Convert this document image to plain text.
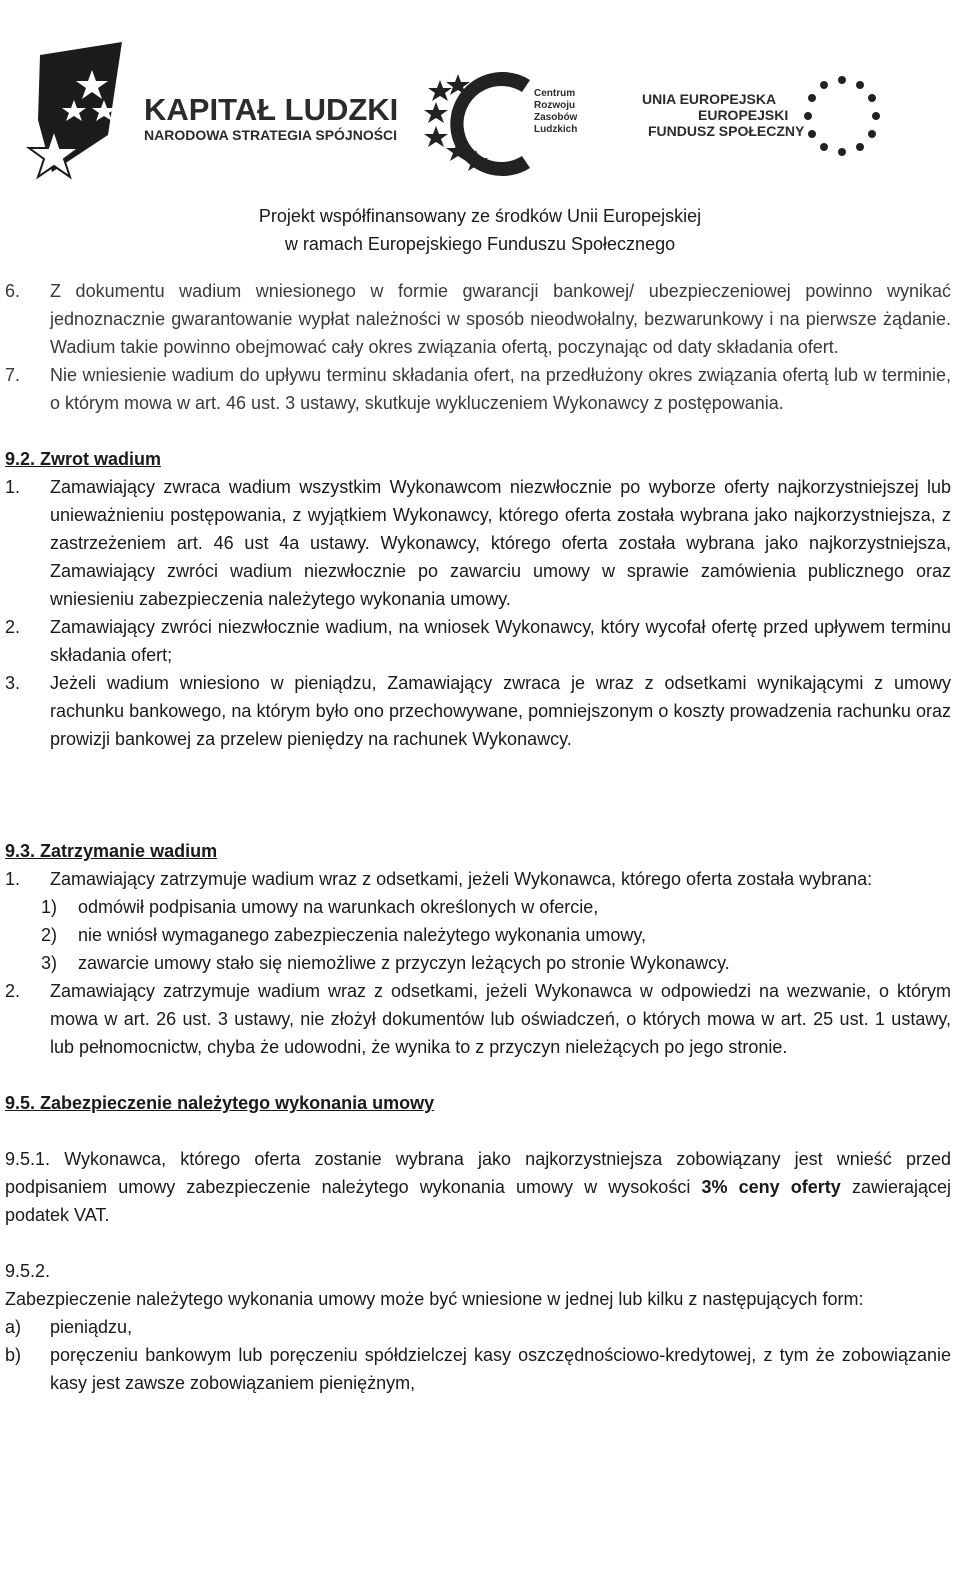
KAPITAŁ LUDZKI
NARODOWA STRATEGIA SPÓJNOŚCI
Centrum
Rozwoju
Zasobów
Ludzkich
UNIA EUROPEJSKA
EUROPEJSKI
FUNDUSZ SPOŁECZNY
Projekt współfinansowany ze środków Unii Europejskiej
w ramach Europejskiego Funduszu Społecznego
6. Z dokumentu wadium wniesionego w formie gwarancji bankowej/ ubezpieczeniowej powinno wynikać jednoznacznie gwarantowanie wypłat należności w sposób nieodwołalny, bezwarunkowy i na pierwsze żądanie. Wadium takie powinno obejmować cały okres związania ofertą, poczynając od daty składania ofert.
7. Nie wniesienie wadium do upływu terminu składania ofert, na przedłużony okres związania ofertą lub w terminie, o którym mowa w art. 46 ust. 3 ustawy, skutkuje wykluczeniem Wykonawcy z postępowania.
9.2. Zwrot wadium
1. Zamawiający zwraca wadium wszystkim Wykonawcom niezwłocznie po wyborze oferty najkorzystniejszej lub unieważnieniu postępowania, z wyjątkiem Wykonawcy, którego oferta została wybrana jako najkorzystniejsza, z zastrzeżeniem art. 46 ust 4a ustawy. Wykonawcy, którego oferta została wybrana jako najkorzystniejsza, Zamawiający zwróci wadium niezwłocznie po zawarciu umowy w sprawie zamówienia publicznego oraz wniesieniu zabezpieczenia należytego wykonania umowy.
2. Zamawiający zwróci niezwłocznie wadium, na wniosek Wykonawcy, który wycofał ofertę przed upływem terminu składania ofert;
3. Jeżeli wadium wniesiono w pieniądzu, Zamawiający zwraca je wraz z odsetkami wynikającymi z umowy rachunku bankowego, na którym było ono przechowywane, pomniejszonym o koszty prowadzenia rachunku oraz prowizji bankowej za przelew pieniędzy na rachunek Wykonawcy.
9.3. Zatrzymanie wadium
1. Zamawiający zatrzymuje wadium wraz z odsetkami, jeżeli Wykonawca, którego oferta została wybrana:
1) odmówił podpisania umowy na warunkach określonych w ofercie,
2) nie wniósł wymaganego zabezpieczenia należytego wykonania umowy,
3) zawarcie umowy stało się niemożliwe z przyczyn leżących po stronie Wykonawcy.
2. Zamawiający zatrzymuje wadium wraz z odsetkami, jeżeli Wykonawca w odpowiedzi na wezwanie, o którym mowa w art. 26 ust. 3 ustawy, nie złożył dokumentów lub oświadczeń, o których mowa w art. 25 ust. 1 ustawy, lub pełnomocnictw, chyba że udowodni, że wynika to z przyczyn nieleżących po jego stronie.
9.5. Zabezpieczenie należytego wykonania umowy
9.5.1. Wykonawca, którego oferta zostanie wybrana jako najkorzystniejsza zobowiązany jest wnieść przed podpisaniem umowy zabezpieczenie należytego wykonania umowy w wysokości 3% ceny oferty zawierającej podatek VAT.
9.5.2.
Zabezpieczenie należytego wykonania umowy może być wniesione w jednej lub kilku z następujących form:
a) pieniądzu,
b) poręczeniu bankowym lub poręczeniu spółdzielczej kasy oszczędnościowo-kredytowej, z tym że zobowiązanie kasy jest zawsze zobowiązaniem pieniężnym,
